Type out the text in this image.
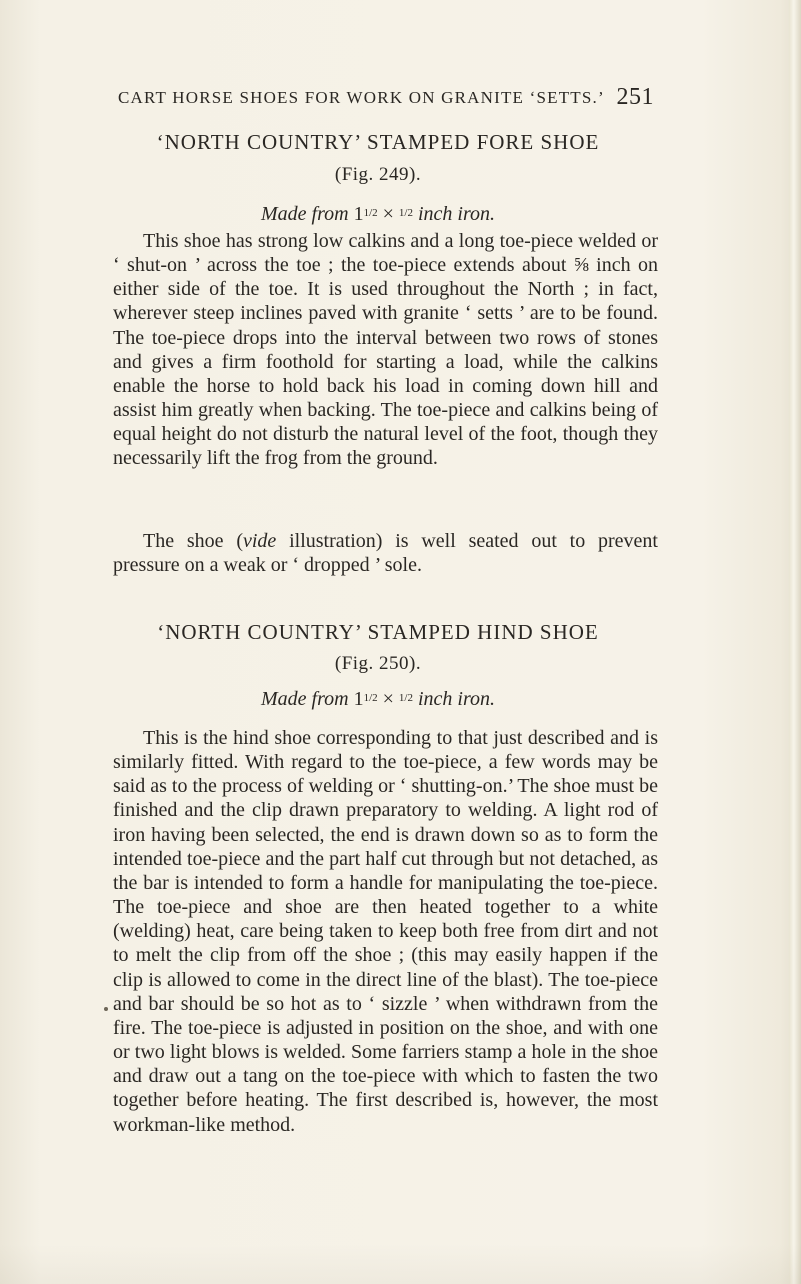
CART HORSE SHOES FOR WORK ON GRANITE ‘SETTS.’ 251
‘NORTH COUNTRY’ STAMPED FORE SHOE
(Fig. 249).
Made from 11/2 × 1/2 inch iron.

This shoe has strong low calkins and a long toe-piece welded or ‘ shut-on ’ across the toe ; the toe-piece extends about ⅝ inch on either side of the toe. It is used throughout the North ; in fact, wherever steep inclines paved with granite ‘ setts ’ are to be found. The toe-piece drops into the interval between two rows of stones and gives a firm foothold for starting a load, while the calkins enable the horse to hold back his load in coming down hill and assist him greatly when backing. The toe-piece and calkins being of equal height do not disturb the natural level of the foot, though they necessarily lift the frog from the ground.

The shoe (vide illustration) is well seated out to prevent pressure on a weak or ‘ dropped ’ sole.

‘NORTH COUNTRY’ STAMPED HIND SHOE
(Fig. 250).
Made from 11/2 × 1/2 inch iron.

This is the hind shoe corresponding to that just described and is similarly fitted. With regard to the toe-piece, a few words may be said as to the process of welding or ‘ shutting-on.’ The shoe must be finished and the clip drawn preparatory to welding. A light rod of iron having been selected, the end is drawn down so as to form the intended toe-piece and the part half cut through but not detached, as the bar is intended to form a handle for manipulating the toe-piece. The toe-piece and shoe are then heated together to a white (welding) heat, care being taken to keep both free from dirt and not to melt the clip from off the shoe ; (this may easily happen if the clip is allowed to come in the direct line of the blast). The toe-piece and bar should be so hot as to ‘ sizzle ’ when withdrawn from the fire. The toe-piece is adjusted in position on the shoe, and with one or two light blows is welded. Some farriers stamp a hole in the shoe and draw out a tang on the toe-piece with which to fasten the two together before heating. The first described is, however, the most workman-like method.
